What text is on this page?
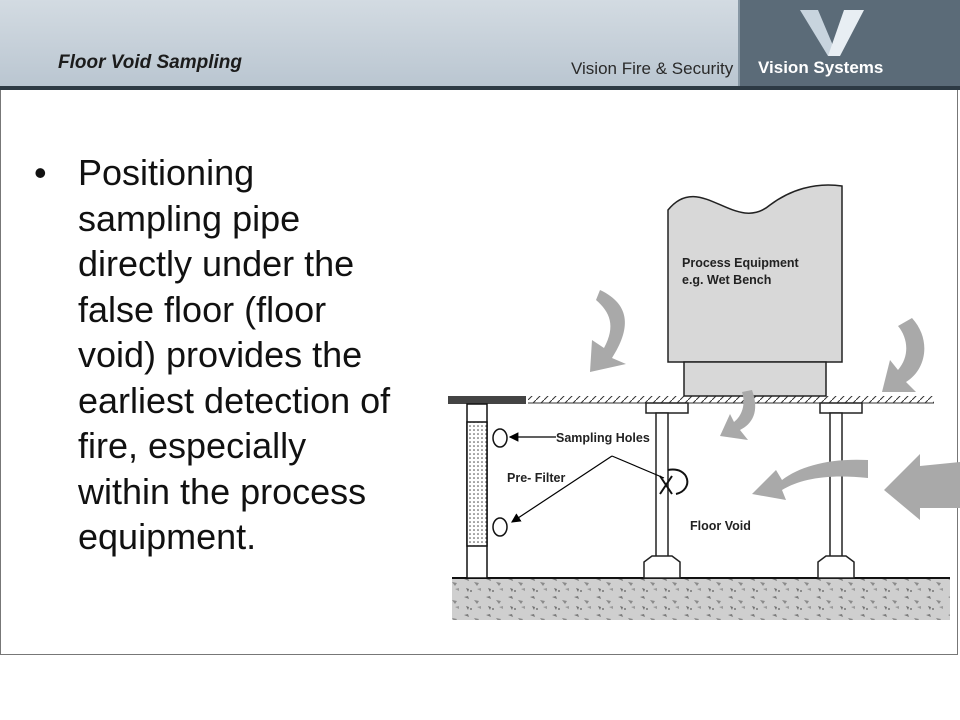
Floor Void Sampling	Vision Fire & Security Vision Systems
• Positioning
sampling pipe
directly under the
false floor (floor
void) provides the
earliest detection of
fire, especially
within the process
equipment.
Process Equipment
e.g. Wet Bench
Sampling Holes
Pre- Filter
Floor Void
